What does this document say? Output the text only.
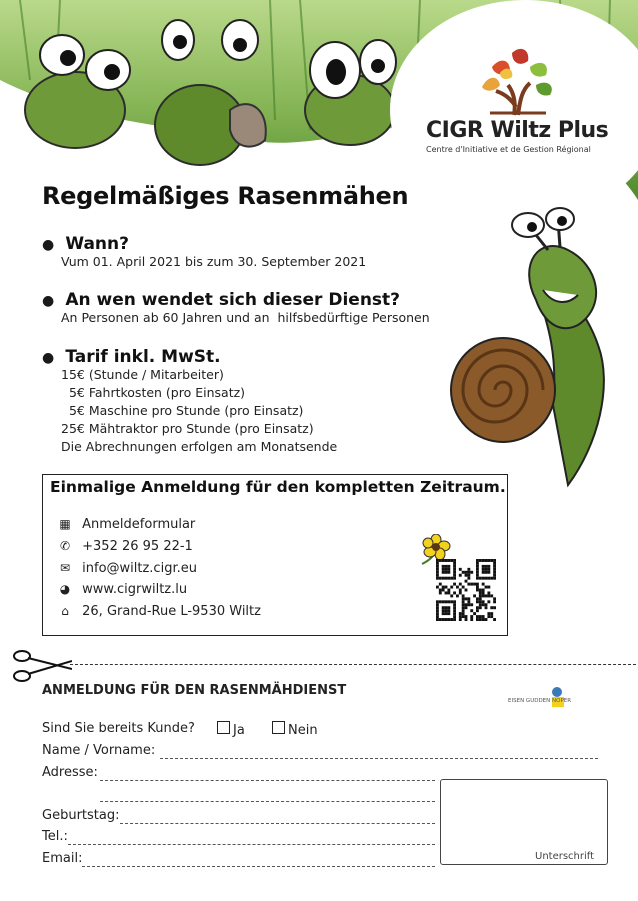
CIGR Wiltz Plus
Centre d'Initiative et de Gestion Régional
Regelmäßiges Rasenmähen
● Wann?
Vum 01. April 2021 bis zum 30. September 2021
● An wen wendet sich dieser Dienst?
An Personen ab 60 Jahren und an  hilfsbedürftige Personen
● Tarif inkl. MwSt.
15€ (Stunde / Mitarbeiter)
5€ Fahrtkosten (pro Einsatz)
5€ Maschine pro Stunde (pro Einsatz)
25€ Mähtraktor pro Stunde (pro Einsatz)
Die Abrechnungen erfolgen am Monatsende
Einmalige Anmeldung für den kompletten Zeitraum.
▦ Anmeldeformular
✆ +352 26 95 22-1
✉ info@wiltz.cigr.eu
◕ www.cigrwiltz.lu
⌂ 26, Grand-Rue L-9530 Wiltz
ANMELDUNG FÜR DEN RASENMÄHDIENST
EISEN GUDDEN NOPER
Sind Sie bereits Kunde?	Ja	Nein
Name / Vorname:
Adresse:
Geburtstag:
Tel.:
Email:	Unterschrift
